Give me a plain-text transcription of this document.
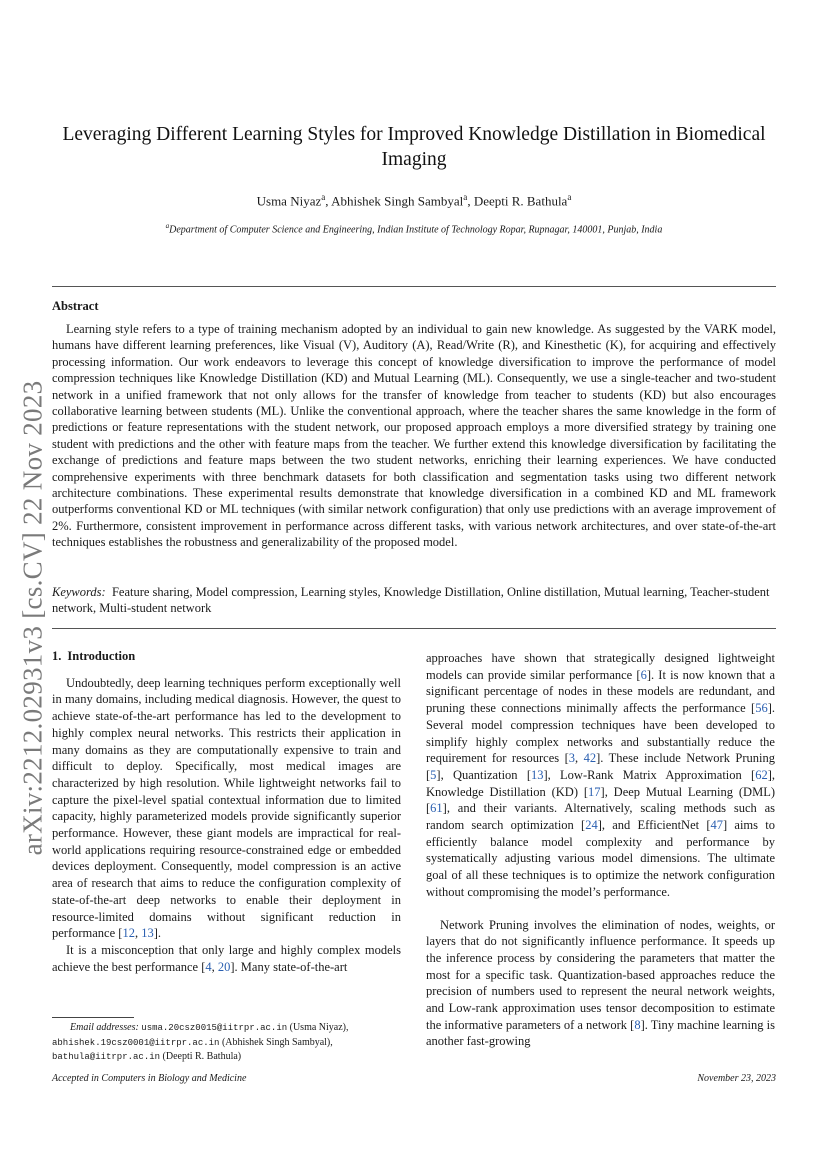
arXiv:2212.02931v3 [cs.CV] 22 Nov 2023
Leveraging Different Learning Styles for Improved Knowledge Distillation in Biomedical Imaging
Usma Niyaz$^a$, Abhishek Singh Sambyal$^a$, Deepti R. Bathula$^a$
$^a$Department of Computer Science and Engineering, Indian Institute of Technology Ropar, Rupnagar, 140001, Punjab, India
Abstract
Learning style refers to a type of training mechanism adopted by an individual to gain new knowledge. As suggested by the VARK model, humans have different learning preferences, like Visual (V), Auditory (A), Read/Write (R), and Kinesthetic (K), for acquiring and effectively processing information. Our work endeavors to leverage this concept of knowledge diversification to improve the performance of model compression techniques like Knowledge Distillation (KD) and Mutual Learning (ML). Consequently, we use a single-teacher and two-student network in a unified framework that not only allows for the transfer of knowledge from teacher to students (KD) but also encourages collaborative learning between students (ML). Unlike the conventional approach, where the teacher shares the same knowledge in the form of predictions or feature representations with the student network, our proposed approach employs a more diversified strategy by training one student with predictions and the other with feature maps from the teacher. We further extend this knowledge diversification by facilitating the exchange of predictions and feature maps between the two student networks, enriching their learning experiences. We have conducted comprehensive experiments with three benchmark datasets for both classification and segmentation tasks using two different network architecture combinations. These experimental results demonstrate that knowledge diversification in a combined KD and ML framework outperforms conventional KD or ML techniques (with similar network configuration) that only use predictions with an average improvement of 2%. Furthermore, consistent improvement in performance across different tasks, with various network architectures, and over state-of-the-art techniques establishes the robustness and generalizability of the proposed model.
Keywords: Feature sharing, Model compression, Learning styles, Knowledge Distillation, Online distillation, Mutual learning, Teacher-student network, Multi-student network
1. Introduction

Undoubtedly, deep learning techniques perform exceptionally well in many domains, including medical diagnosis. However, the quest to achieve state-of-the-art performance has led to the development to highly complex neural networks. This restricts their application in many domains as they are computationally expensive to train and difficult to deploy. Specifically, most medical images are characterized by high resolution. While lightweight networks fail to capture the pixel-level spatial contextual information due to limited capacity, highly parameterized models provide significantly superior performance. However, these giant models are impractical for real-world applications requiring resource-constrained edge or embedded devices deployment. Consequently, model compression is an active area of research that aims to reduce the configuration complexity of state-of-the-art deep networks to enable their deployment in resource-limited domains without significant reduction in performance [12, 13].

It is a misconception that only large and highly complex models achieve the best performance [4, 20]. Many state-of-the-art

Email addresses: usma.20csz0015@iitrpr.ac.in (Usma Niyaz), abhishek.19csz0001@iitrpr.ac.in (Abhishek Singh Sambyal), bathula@iitrpr.ac.in (Deepti R. Bathula)

approaches have shown that strategically designed lightweight models can provide similar performance [6]. It is now known that a significant percentage of nodes in these models are redundant, and pruning these connections minimally affects the performance [56]. Several model compression techniques have been developed to simplify highly complex networks and substantially reduce the requirement for resources [3, 42]. These include Network Pruning [5], Quantization [13], Low-Rank Matrix Approximation [62], Knowledge Distillation (KD) [17], Deep Mutual Learning (DML) [61], and their variants. Alternatively, scaling methods such as random search optimization [24], and EfficientNet [47] aims to efficiently balance model complexity and performance by systematically adjusting various model dimensions. The ultimate goal of all these techniques is to optimize the network configuration without compromising the model’s performance.

Network Pruning involves the elimination of nodes, weights, or layers that do not significantly influence performance. It speeds up the inference process by considering the parameters that matter the most for a specific task. Quantization-based approaches reduce the precision of numbers used to represent the neural network weights, and Low-rank approximation uses tensor decomposition to estimate the informative parameters of a network [8]. Tiny machine learning is another fast-growing

Accepted in Computers in Biology and Medicine	November 23, 2023
